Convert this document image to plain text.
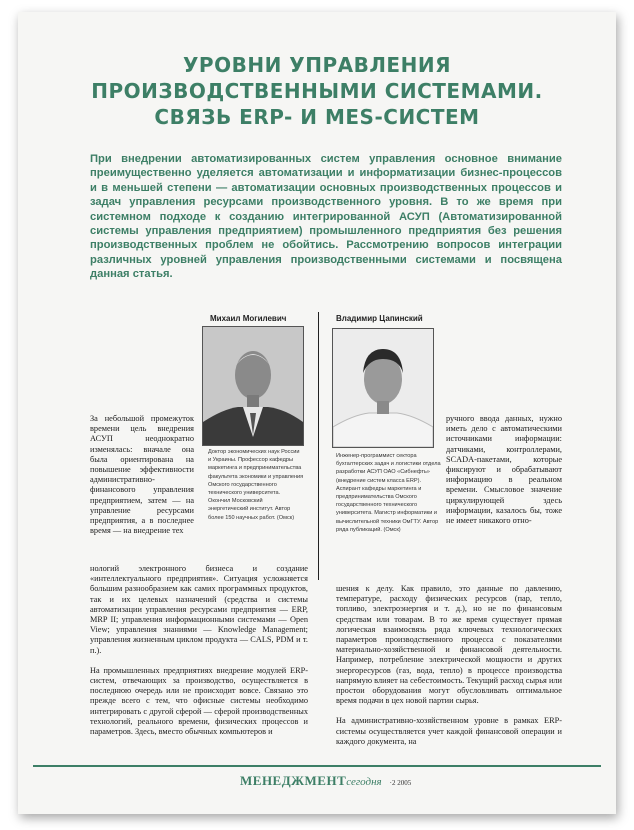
УРОВНИ УПРАВЛЕНИЯ
ПРОИЗВОДСТВЕННЫМИ СИСТЕМАМИ.
СВЯЗЬ ERP- И MES-СИСТЕМ
При внедрении автоматизированных систем управления основное внимание преимущественно уделяется автоматизации и информатизации бизнес-процессов и в меньшей степени — автоматизации основных производственных процессов и задач управления ресурсами производственного уровня. В то же время при системном подходе к созданию интегрированной АСУП (Автоматизированной системы управления предприятием) промышленного предприятия без решения производственных проблем не обойтись. Рассмотрению вопросов интеграции различных уровней управления производственными системами и посвящена данная статья.
Михаил Могилевич	Владимир Цапинский
Доктор экономических наук России и Украины. Профессор кафедры маркетинга и предпринимательства факультета экономики и управления Омского государственного технического университета. Окончил Московский энергетический институт. Автор более 150 научных работ. (Омск)
Инженер-программист сектора бухгалтерских задач и логистики отдела разработки АСУП ОАО «Сибнефть» (внедрение систем класса ERP). Аспирант кафедры маркетинга и предпринимательства Омского государственного технического университета. Магистр информатики и вычислительной техники ОмГТУ. Автор ряда публикаций. (Омск)
За небольшой промежуток времени цель внедрения АСУП неоднократно изменялась: вначале она была ориентирована на повышение эффективности административно-финансового управления предприятием, затем — на управление ресурсами предприятия, а в последнее время — на внедрение тех

нологий электронного бизнеса и создание «интеллектуального предприятия». Ситуация усложняется большим разнообразием как самих программных продуктов, так и их целевых назначений (средства и системы автоматизации управления ресурсами предприятия — ERP, MRP II; управления информационными системами — Open View; управления знаниями — Knowledge Management; управления жизненным циклом продукта — CALS, PDM и т. п.).

На промышленных предприятиях внедрение модулей ERP-систем, отвечающих за производство, осуществляется в последнюю очередь или не происходит вовсе. Связано это прежде всего с тем, что офисные системы необходимо интегрировать с другой сферой — сферой производственных технологий, реального времени, физических процессов и параметров. Здесь, вместо обычных компьютеров и

ручного ввода данных, нужно иметь дело с автоматическими источниками информации: датчиками, контроллерами, SCADA-пакетами, которые фиксируют и обрабатывают информацию в реальном времени. Смысловое значение циркулирующей здесь информации, казалось бы, тоже не имеет никакого отно-

шения к делу. Как правило, это данные по давлению, температуре, расходу физических ресурсов (пар, тепло, топливо, электроэнергия и т. д.), но не по финансовым средствам или товарам. В то же время существует прямая логическая взаимосвязь ряда ключевых технологических параметров производственного процесса с показателями материально-хозяйственной и финансовой деятельности. Например, потребление электрической мощности и других энергоресурсов (газ, вода, тепло) в процессе производства напрямую влияет на себестоимость. Текущий расход сырья или простои оборудования могут обусловливать оптимальное время подачи в цех новой партии сырья.

На административно-хозяйственном уровне в рамках ERP-системы осуществляется учет каждой финансовой операции и каждого документа, на

МЕНЕДЖМЕНТсегодня ·2 2005
